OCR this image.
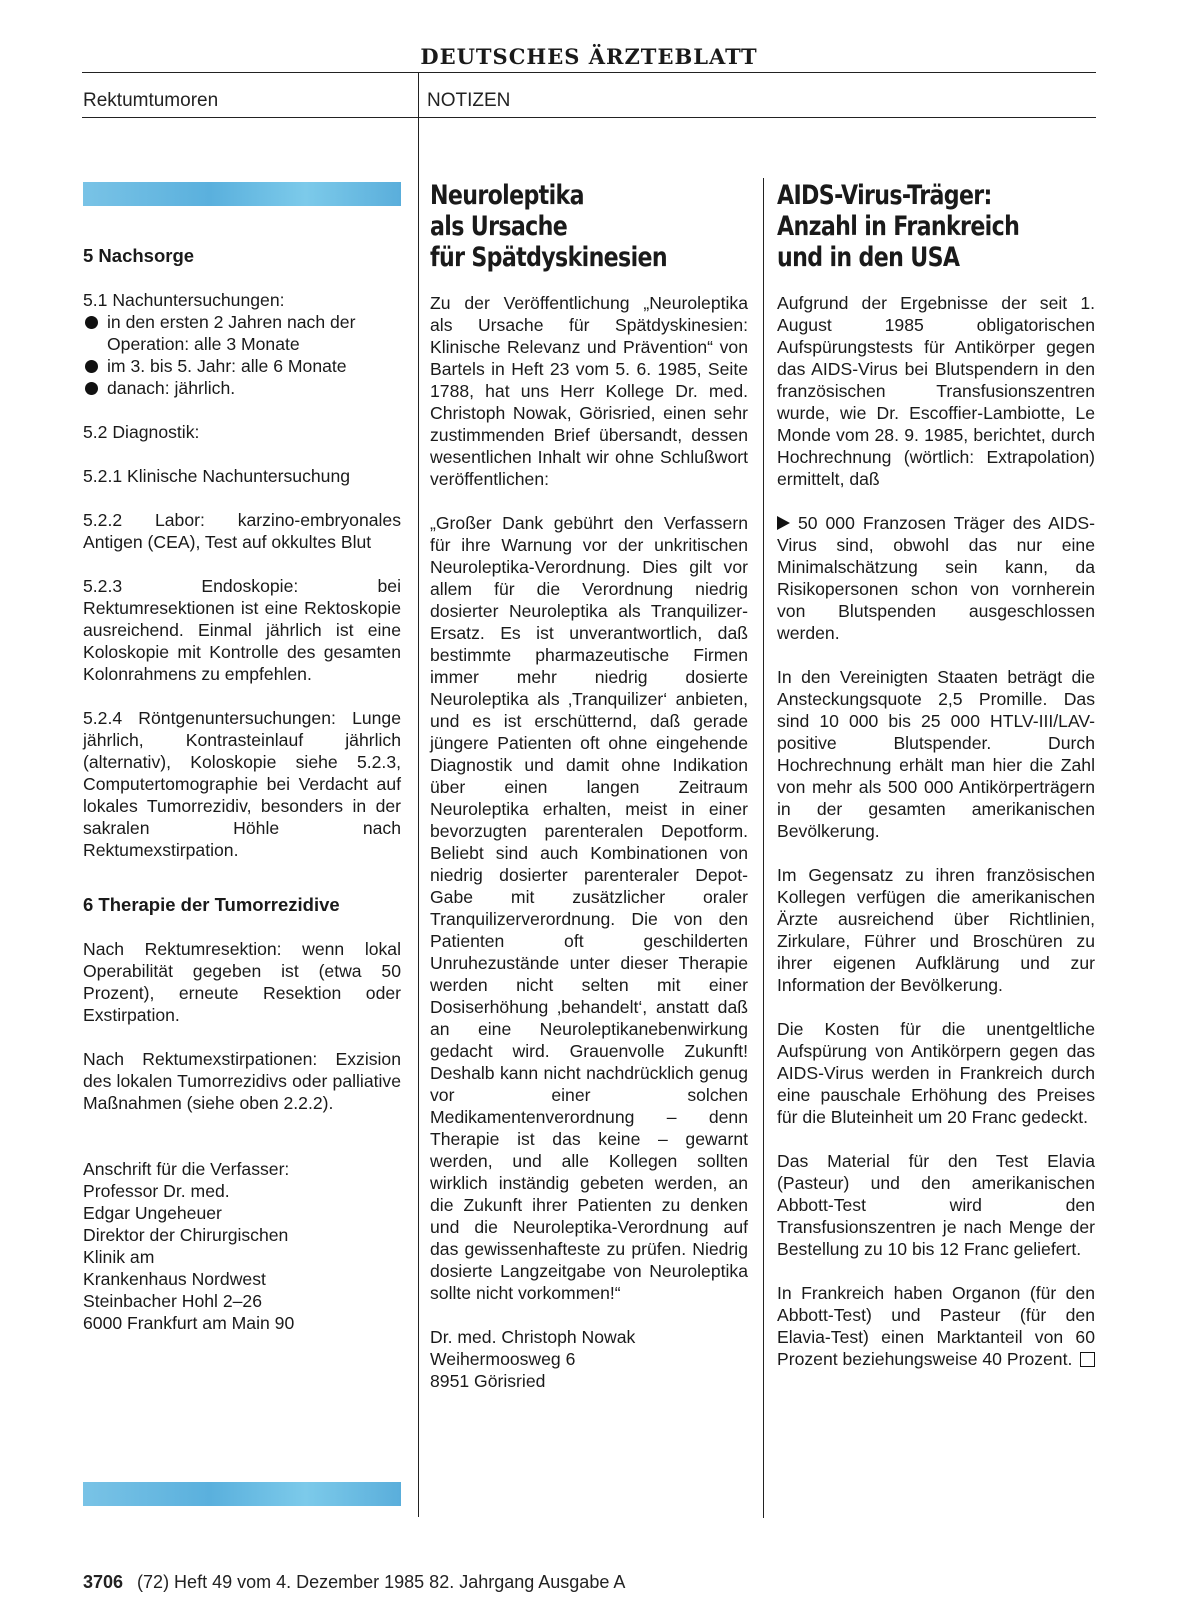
DEUTSCHES ÄRZTEBLATT
Rektumtumoren	NOTIZEN
5 Nachsorge
5.1 Nachuntersuchungen:
in den ersten 2 Jahren nach der Operation: alle 3 Monate
im 3. bis 5. Jahr: alle 6 Monate
danach: jährlich.

5.2 Diagnostik:

5.2.1 Klinische Nachuntersuchung

5.2.2 Labor: karzino-embryonales Antigen (CEA), Test auf okkultes Blut

5.2.3 Endoskopie: bei Rektumresektionen ist eine Rektoskopie ausreichend. Einmal jährlich ist eine Koloskopie mit Kontrolle des gesamten Kolonrahmens zu empfehlen.

5.2.4 Röntgenuntersuchungen: Lunge jährlich, Kontrasteinlauf jährlich (alternativ), Koloskopie siehe 5.2.3, Computertomographie bei Verdacht auf lokales Tumorrezidiv, besonders in der sakralen Höhle nach Rektumexstirpation.

6 Therapie der Tumorrezidive

Nach Rektumresektion: wenn lokal Operabilität gegeben ist (etwa 50 Prozent), erneute Resektion oder Exstirpation.

Nach Rektumexstirpationen: Exzision des lokalen Tumorrezidivs oder palliative Maßnahmen (siehe oben 2.2.2).

Anschrift für die Verfasser:
Professor Dr. med.
Edgar Ungeheuer
Direktor der Chirurgischen
Klinik am
Krankenhaus Nordwest
Steinbacher Hohl 2–26
6000 Frankfurt am Main 90
Neuroleptika
als Ursache
für Spätdyskinesien

Zu der Veröffentlichung „Neuroleptika als Ursache für Spätdyskinesien: Klinische Relevanz und Prävention“ von Bartels in Heft 23 vom 5. 6. 1985, Seite 1788, hat uns Herr Kollege Dr. med. Christoph Nowak, Görisried, einen sehr zustimmenden Brief übersandt, dessen wesentlichen Inhalt wir ohne Schlußwort veröffentlichen:

„Großer Dank gebührt den Verfassern für ihre Warnung vor der unkritischen Neuroleptika-Verordnung. Dies gilt vor allem für die Verordnung niedrig dosierter Neuroleptika als Tranquilizer-Ersatz. Es ist unverantwortlich, daß bestimmte pharmazeutische Firmen immer mehr niedrig dosierte Neuroleptika als ‚Tranquilizer‘ anbieten, und es ist erschütternd, daß gerade jüngere Patienten oft ohne eingehende Diagnostik und damit ohne Indikation über einen langen Zeitraum Neuroleptika erhalten, meist in einer bevorzugten parenteralen Depotform. Beliebt sind auch Kombinationen von niedrig dosierter parenteraler Depot-Gabe mit zusätzlicher oraler Tranquilizerverordnung. Die von den Patienten oft geschilderten Unruhezustände unter dieser Therapie werden nicht selten mit einer Dosiserhöhung ‚behandelt‘, anstatt daß an eine Neuroleptikanebenwirkung gedacht wird. Grauenvolle Zukunft! Deshalb kann nicht nachdrücklich genug vor einer solchen Medikamentenverordnung – denn Therapie ist das keine – gewarnt werden, und alle Kollegen sollten wirklich inständig gebeten werden, an die Zukunft ihrer Patienten zu denken und die Neuroleptika-Verordnung auf das gewissenhafteste zu prüfen. Niedrig dosierte Langzeitgabe von Neuroleptika sollte nicht vorkommen!“

Dr. med. Christoph Nowak
Weihermoosweg 6
8951 Görisried
AIDS-Virus-Träger:
Anzahl in Frankreich
und in den USA

Aufgrund der Ergebnisse der seit 1. August 1985 obligatorischen Aufspürungstests für Antikörper gegen das AIDS-Virus bei Blutspendern in den französischen Transfusionszentren wurde, wie Dr. Escoffier-Lambiotte, Le Monde vom 28. 9. 1985, berichtet, durch Hochrechnung (wörtlich: Extrapolation) ermittelt, daß

50 000 Franzosen Träger des AIDS-Virus sind, obwohl das nur eine Minimalschätzung sein kann, da Risikopersonen schon von vornherein von Blutspenden ausgeschlossen werden.

In den Vereinigten Staaten beträgt die Ansteckungsquote 2,5 Promille. Das sind 10 000 bis 25 000 HTLV-III/LAV-positive Blutspender. Durch Hochrechnung erhält man hier die Zahl von mehr als 500 000 Antikörperträgern in der gesamten amerikanischen Bevölkerung.

Im Gegensatz zu ihren französischen Kollegen verfügen die amerikanischen Ärzte ausreichend über Richtlinien, Zirkulare, Führer und Broschüren zu ihrer eigenen Aufklärung und zur Information der Bevölkerung.

Die Kosten für die unentgeltliche Aufspürung von Antikörpern gegen das AIDS-Virus werden in Frankreich durch eine pauschale Erhöhung des Preises für die Bluteinheit um 20 Franc gedeckt.

Das Material für den Test Elavia (Pasteur) und den amerikanischen Abbott-Test wird den Transfusionszentren je nach Menge der Bestellung zu 10 bis 12 Franc geliefert.

In Frankreich haben Organon (für den Abbott-Test) und Pasteur (für den Elavia-Test) einen Marktanteil von 60 Prozent beziehungsweise 40 Prozent.

3706 (72) Heft 49 vom 4. Dezember 1985 82. Jahrgang Ausgabe A
